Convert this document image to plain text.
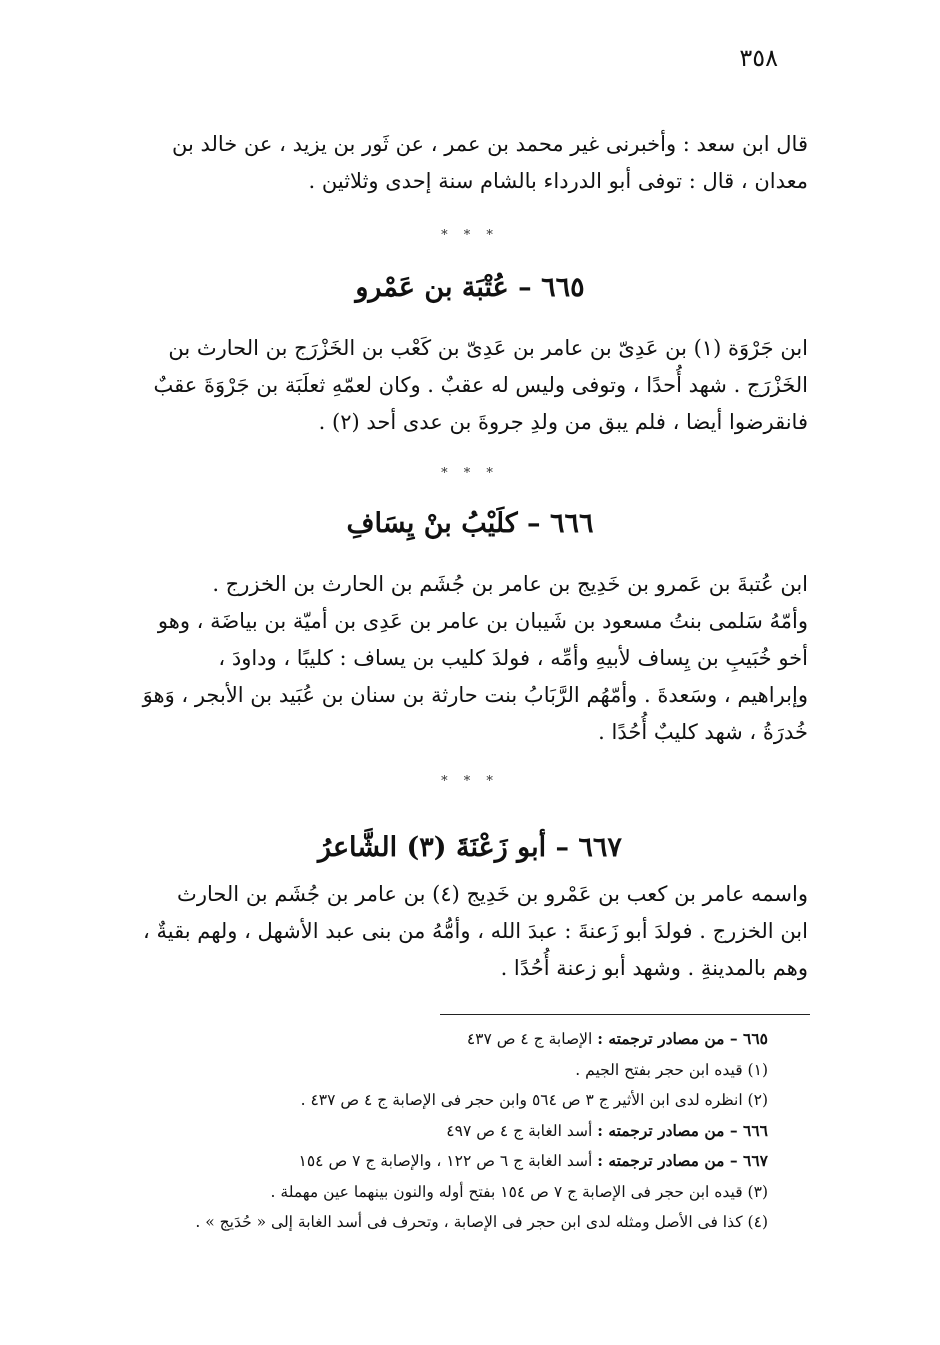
٣٥٨

قال ابن سعد : وأخبرنى غير محمد بن عمر ، عن ثَور بن يزيد ، عن خالد بن

معدان ، قال : توفى أبو الدرداء بالشام سنة إحدى وثلاثين .

* * *
٦٦٥ – عُتْبَة بن عَمْرو

ابن جَرْوَة (١) بن عَدِىّ بن عامر بن عَدِىّ بن كَعْب بن الخَزْرَج بن الحارث بن

الخَزْرَج . شهد أُحدًا ، وتوفى وليس له عقبٌ . وكان لعمّهِ ثعلَبَة بن جَرْوَةَ عقبٌ

فانقرضوا أيضا ، فلم يبق من ولدِ جروةَ بن عدى أحد (٢) .

* * *
٦٦٦ – كلَيْبُ بنْ يِسَافِ

ابن عُتبةَ بن عَمرو بن خَدِيج بن عامر بن جُشَم بن الحارث بن الخزرج .

وأمّهُ سَلمى بنتُ مسعود بن شَيبان بن عامر بن عَدِى بن أميّة بن بياضَة ، وهو

أخو خُبَيبِ بن يِساف لأبيهِ وأمِّه ، فولدَ كليب بن يساف : كليبًا ، وداودَ ،

وإبراهيم ، وسَعدةَ . وأمّهُم الرَّبَابُ بنت حارثة بن سنان بن عُبَيد بن الأبجر ، وَهوَ

خُدرَةُ ، شهد كليبٌ أُحُدًا .

* * *
٦٦٧ – أبو زَعْنَةَ (٣) الشَّاعرُ

واسمه عامر بن كعب بن عَمْرو بن خَدِيج (٤) بن عامر بن جُشَم بن الحارث

ابن الخزرج . فولدَ أبو زَعنةَ : عبدَ الله ، وأمُّهُ من بنى عبد الأشهل ، ولهم بقيةٌ ،

وهم بالمدينةِ . وشهد أبو زعنة أُحُدًا .

٦٦٥ – من مصادر ترجمته : الإصابة ج ٤ ص ٤٣٧

(١) قيده ابن حجر بفتح الجيم .

(٢) انظره لدى ابن الأثير ج ٣ ص ٥٦٤ وابن حجر فى الإصابة ج ٤ ص ٤٣٧ .

٦٦٦ – من مصادر ترجمته : أسد الغابة ج ٤ ص ٤٩٧

٦٦٧ – من مصادر ترجمته : أسد الغابة ج ٦ ص ١٢٢ ، والإصابة ج ٧ ص ١٥٤

(٣) قيده ابن حجر فى الإصابة ج ٧ ص ١٥٤ بفتح أوله والنون بينهما عين مهملة .

(٤) كذا فى الأصل ومثله لدى ابن حجر فى الإصابة ، وتحرف فى أسد الغابة إلى « حُدَيج » .
